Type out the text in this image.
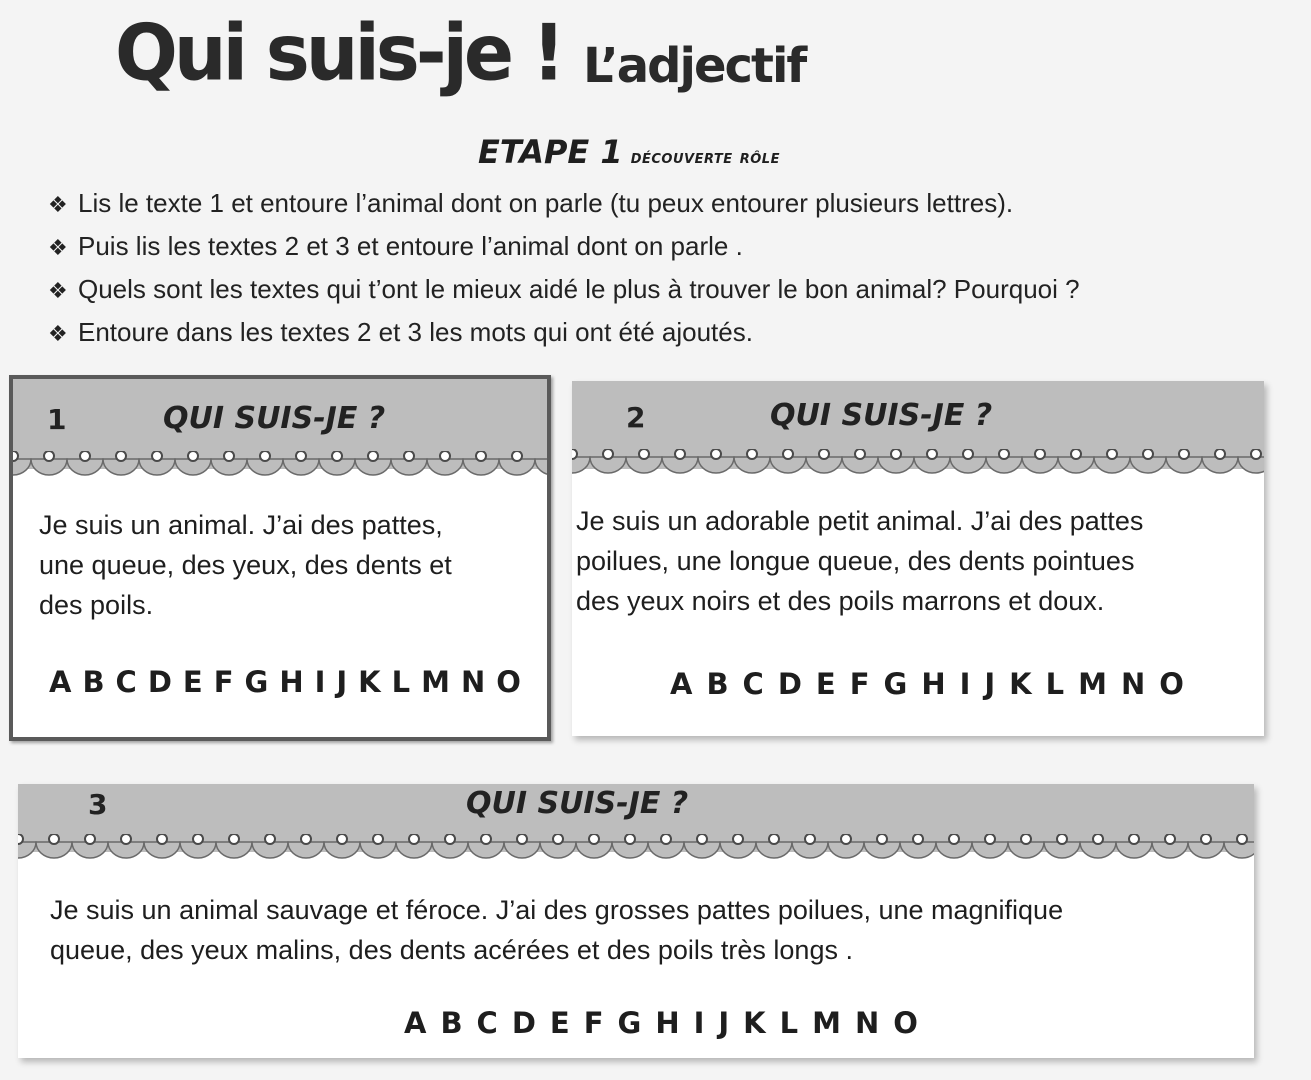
Qui suis-je ! L’adjectif
ETAPE 1 découverte rôle
❖ Lis le texte 1 et entoure l’animal dont on parle (tu peux entourer plusieurs lettres).
❖ Puis lis les textes 2 et 3 et entoure l’animal dont on parle .
❖ Quels sont les textes qui t’ont le mieux aidé le plus à trouver le bon animal? Pourquoi ?
❖ Entoure dans les textes 2 et 3 les mots qui ont été ajoutés.
1	QUI SUIS-JE ?
Je suis un animal. J’ai des pattes,
une queue, des yeux, des dents et
des poils.
ABCDEFGHIJKLMNO
2	QUI SUIS-JE ?
Je suis un adorable petit animal. J’ai des pattes
poilues, une longue queue, des dents pointues
des yeux noirs et des poils marrons et doux.
ABCDEFGHIJKLMNO
3	QUI SUIS-JE ?
Je suis un animal sauvage et féroce. J’ai des grosses pattes poilues, une magnifique
queue, des yeux malins, des dents acérées et des poils très longs .
ABCDEFGHIJKLMNO
